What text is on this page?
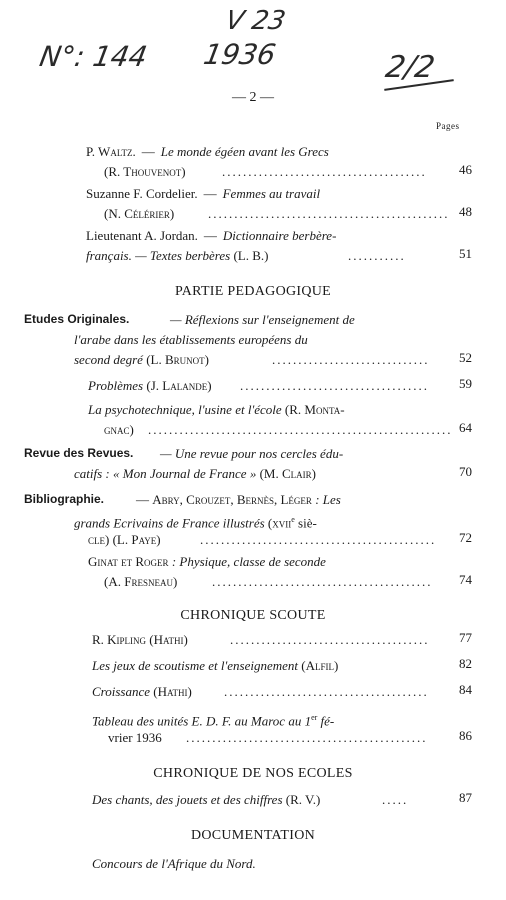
N°: 144
V 23
1936	2/2
— 2 —
Pages
P. Waltz. — Le monde égéen avant les Grecs
(R. Thouvenot)	.......................................	46
Suzanne F. Cordelier. — Femmes au travail
(N. Célérier)	.............................................. 48
Lieutenant A. Jordan. — Dictionnaire berbère-
français. — Textes berbères (L. B.)	...........	51
PARTIE PEDAGOGIQUE
Etudes Originales.	— Réflexions sur l'enseignement de
l'arabe dans les établissements européens du
second degré (L. Brunot)	..............................	52
Problèmes (J. Lalande) ....................................	59
La psychotechnique, l'usine et l'école (R. Monta-
gnac) .......................................................... 64
Revue des Revues. — Une revue pour nos cercles édu-
catifs : « Mon Journal de France » (M. Clair)	70
Bibliographie. — Abry, Crouzet, Bernès, Léger : Les
grands Ecrivains de France illustrés (xvii$^e$ siè-
cle) (L. Paye)	.............................................	72
Ginat et Roger : Physique, classe de seconde
(A. Fresneau)	..........................................	74
CHRONIQUE SCOUTE
R. Kipling (Hathi)	......................................	77
Les jeux de scoutisme et l'enseignement (Alfil)	82
Croissance (Hathi) .......................................	84
Tableau des unités E. D. F. au Maroc au 1er fé-
vrier 1936 ..............................................	86
CHRONIQUE DE NOS ECOLES
Des chants, des jouets et des chiffres (R. V.)	.....	87
DOCUMENTATION
Concours de l'Afrique du Nord.
